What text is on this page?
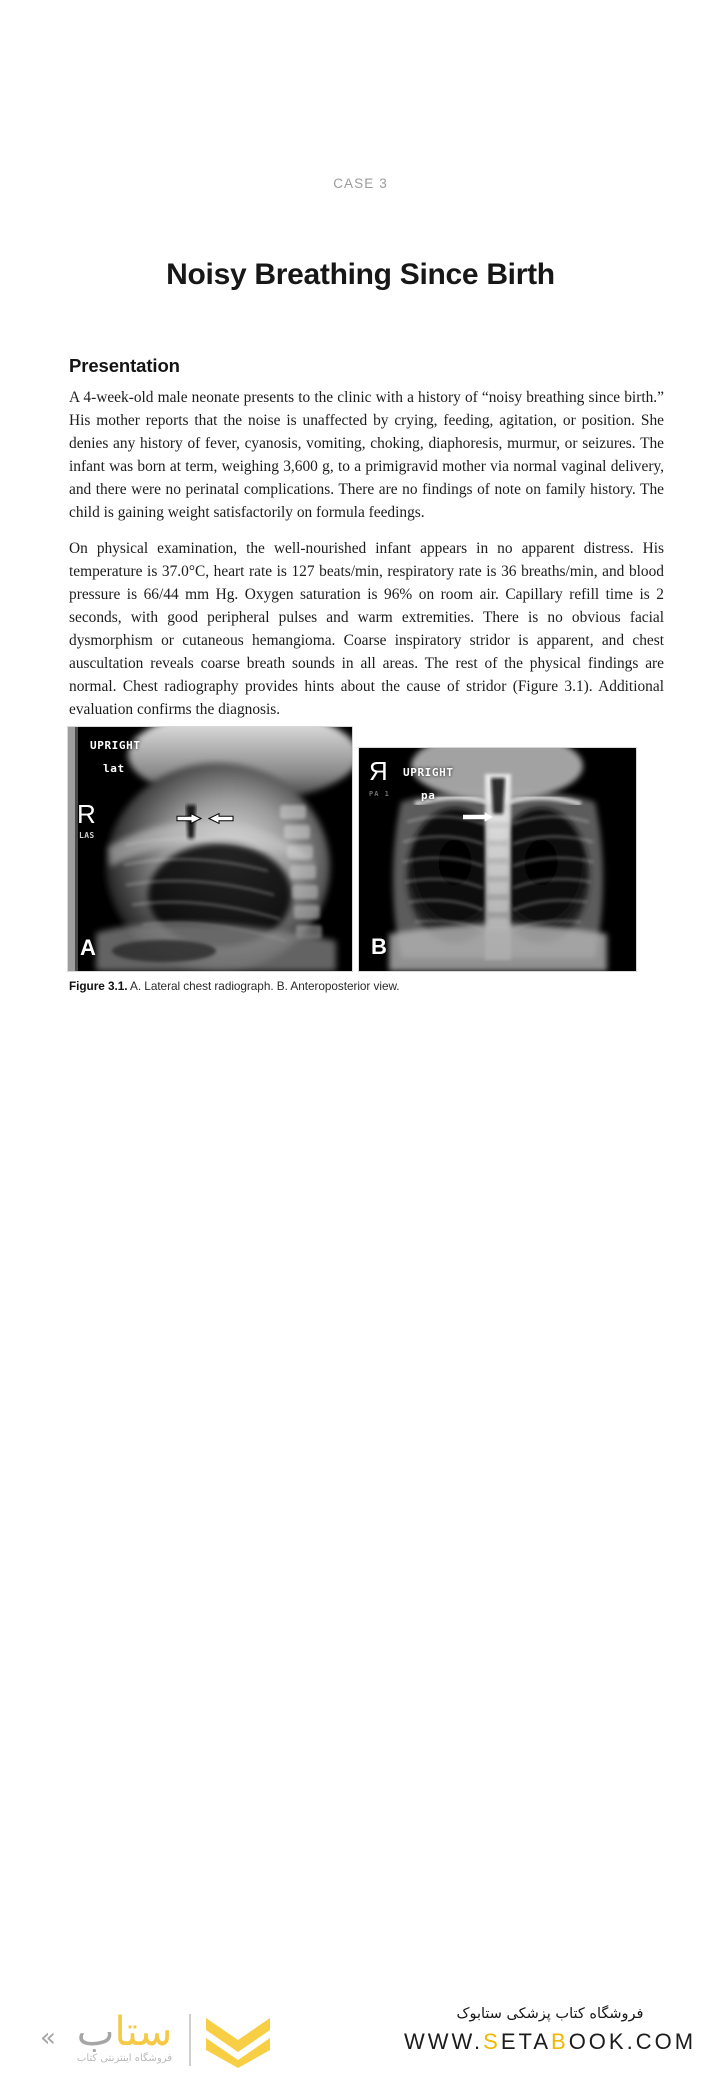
CASE 3
Noisy Breathing Since Birth
Presentation

A 4-week-old male neonate presents to the clinic with a history of “noisy breathing since birth.” His mother reports that the noise is unaffected by crying, feeding, agitation, or position. She denies any history of fever, cyanosis, vomiting, choking, diaphoresis, murmur, or seizures. The infant was born at term, weighing 3,600 g, to a primigravid mother via normal vaginal delivery, and there were no perinatal complications. There are no findings of note on family history. The child is gaining weight satisfactorily on formula feedings.

On physical examination, the well-nourished infant appears in no apparent distress. His temperature is 37.0°C, heart rate is 127 beats/min, respiratory rate is 36 breaths/min, and blood pressure is 66/44 mm Hg. Oxygen saturation is 96% on room air. Capillary refill time is 2 seconds, with good peripheral pulses and warm extremities. There is no obvious facial dysmorphism or cutaneous hemangioma. Coarse inspiratory stridor is apparent, and chest auscultation reveals coarse breath sounds in all areas. The rest of the physical findings are normal. Chest radiography provides hints about the cause of stridor (Figure 3.1). Additional evaluation confirms the diagnosis.

UPRIGHT
lat
R
LAS
A
R UPRIGHT
pa
PA 1
B
Figure 3.1. A. Lateral chest radiograph. B. Anteroposterior view.
ستاب
«
فروشگاه اینترنتی کتاب
فروشگاه کتاب پزشکی ستابوک
WWW.SETABOOK.COM
